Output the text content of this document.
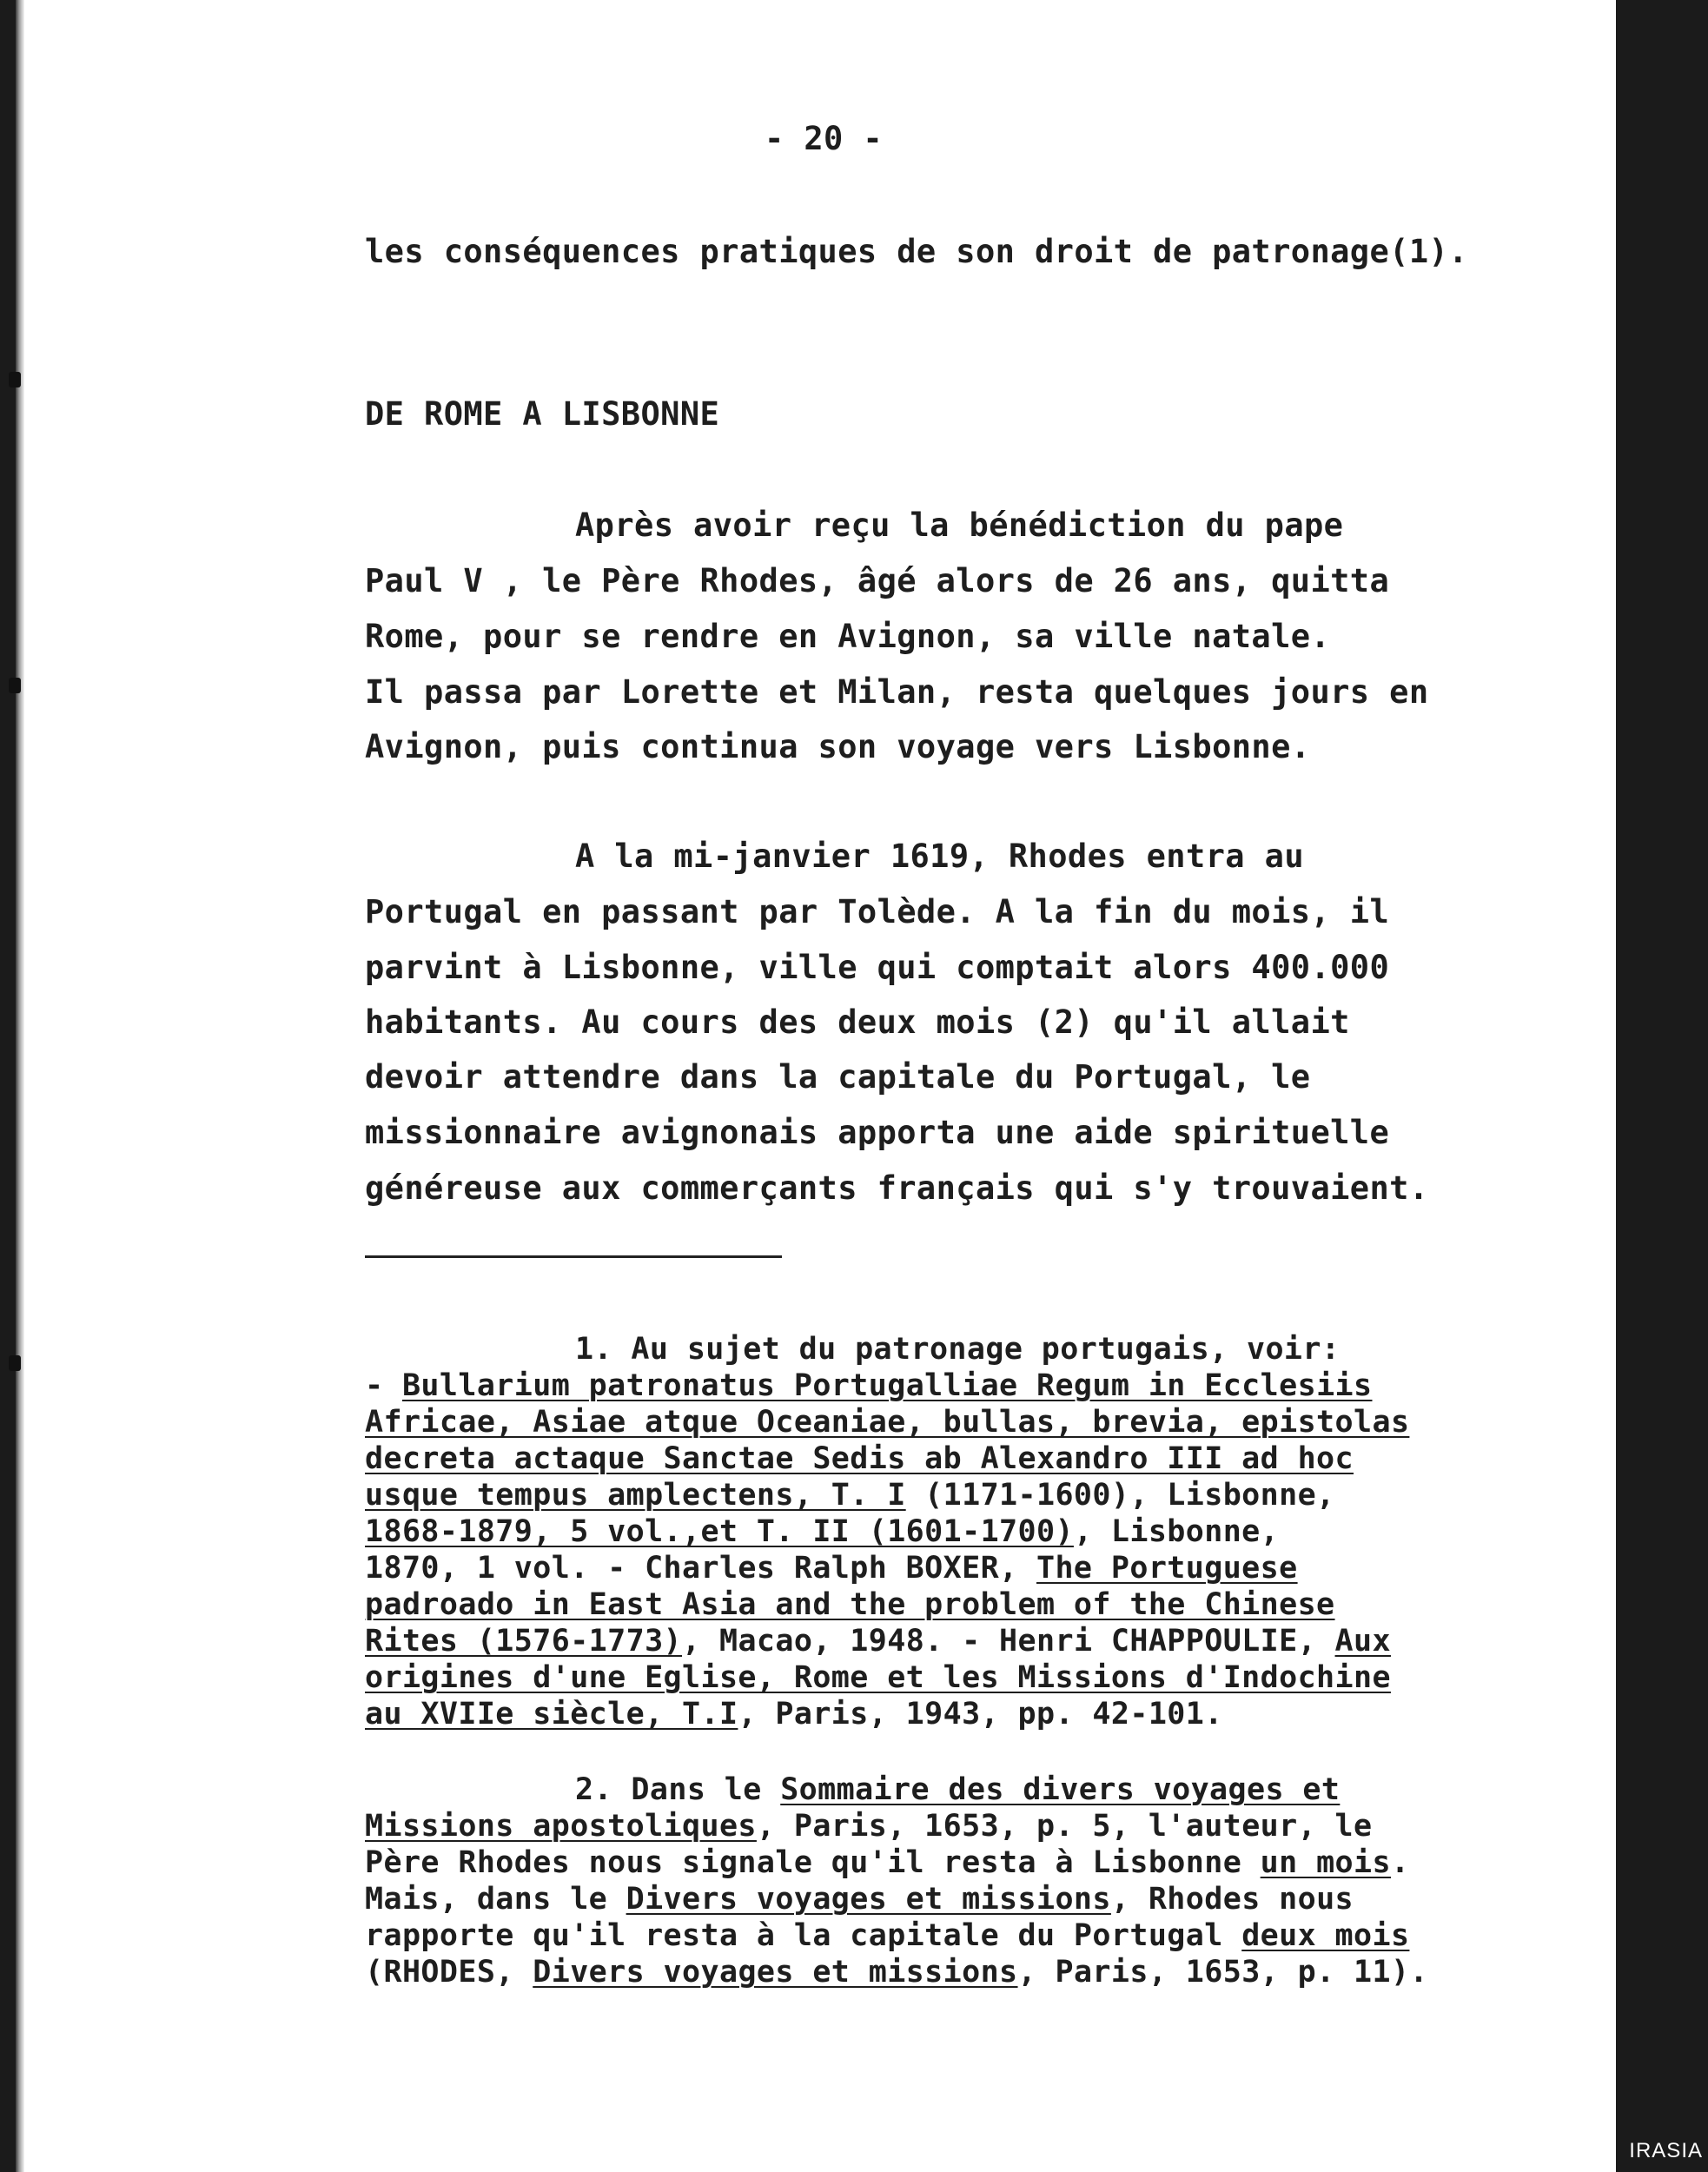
- 20 -
les conséquences pratiques de son droit de patronage(1).
DE ROME A LISBONNE
Après avoir reçu la bénédiction du pape
Paul V , le Père Rhodes, âgé alors de 26 ans, quitta
Rome, pour se rendre en Avignon, sa ville natale.
Il passa par Lorette et Milan, resta quelques jours en
Avignon, puis continua son voyage vers Lisbonne.
A la mi-janvier 1619, Rhodes entra au
Portugal en passant par Tolède. A la fin du mois, il
parvint à Lisbonne, ville qui comptait alors 400.000
habitants. Au cours des deux mois (2) qu'il allait
devoir attendre dans la capitale du Portugal, le
missionnaire avignonais apporta une aide spirituelle
généreuse aux commerçants français qui s'y trouvaient.
1. Au sujet du patronage portugais, voir:
- Bullarium patronatus Portugalliae Regum in Ecclesiis
Africae, Asiae atque Oceaniae, bullas, brevia, epistolas
decreta actaque Sanctae Sedis ab Alexandro III ad hoc
usque tempus amplectens, T. I (1171-1600), Lisbonne,
1868-1879, 5 vol.,et T. II (1601-1700), Lisbonne,
1870, 1 vol. - Charles Ralph BOXER, The Portuguese
padroado in East Asia and the problem of the Chinese
Rites (1576-1773), Macao, 1948. - Henri CHAPPOULIE, Aux
origines d'une Eglise, Rome et les Missions d'Indochine
au XVIIe siècle, T.I, Paris, 1943, pp. 42-101.
2. Dans le Sommaire des divers voyages et
Missions apostoliques, Paris, 1653, p. 5, l'auteur, le
Père Rhodes nous signale qu'il resta à Lisbonne un mois.
Mais, dans le Divers voyages et missions, Rhodes nous
rapporte qu'il resta à la capitale du Portugal deux mois
(RHODES, Divers voyages et missions, Paris, 1653, p. 11).
IRASIA
